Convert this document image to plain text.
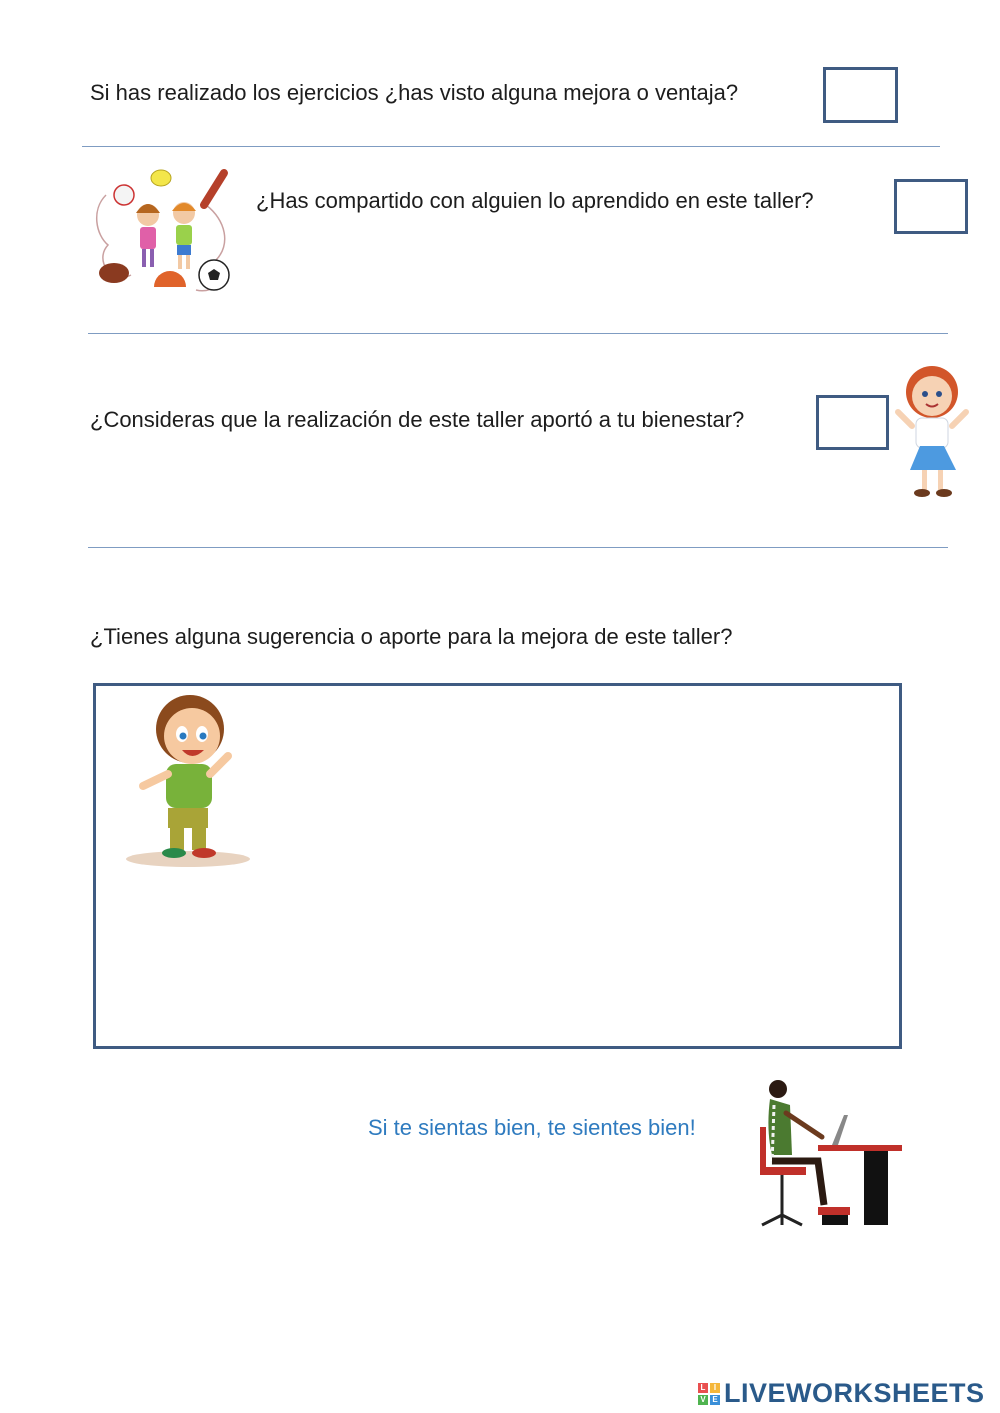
Si has realizado los ejercicios ¿has visto alguna mejora o ventaja?
¿Has compartido con alguien lo aprendido en este taller?
¿Consideras que la realización de este taller aportó a tu bienestar?
¿Tienes alguna sugerencia o aporte para la mejora de este taller?
Si te sientas bien, te sientes bien!
L	I
V E LIVEWORKSHEETS
